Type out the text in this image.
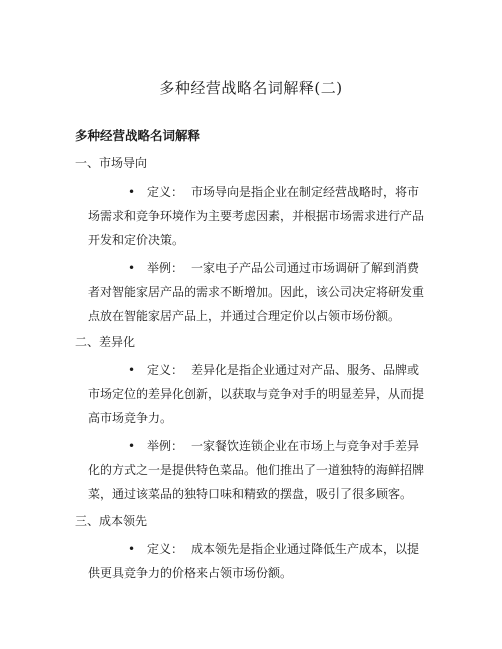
多种经营战略名词解释(二)
多种经营战略名词解释
一、市场导向
• 定义： 市场导向是指企业在制定经营战略时，将市场需求和竞争环境作为主要考虑因素，并根据市场需求进行产品开发和定价决策。
• 举例： 一家电子产品公司通过市场调研了解到消费者对智能家居产品的需求不断增加。因此，该公司决定将研发重点放在智能家居产品上，并通过合理定价以占领市场份额。
二、差异化
• 定义： 差异化是指企业通过对产品、服务、品牌或市场定位的差异化创新，以获取与竞争对手的明显差异，从而提高市场竞争力。
• 举例： 一家餐饮连锁企业在市场上与竞争对手差异化的方式之一是提供特色菜品。他们推出了一道独特的海鲜招牌菜，通过该菜品的独特口味和精致的摆盘，吸引了很多顾客。
三、成本领先
• 定义： 成本领先是指企业通过降低生产成本，以提供更具竞争力的价格来占领市场份额。
